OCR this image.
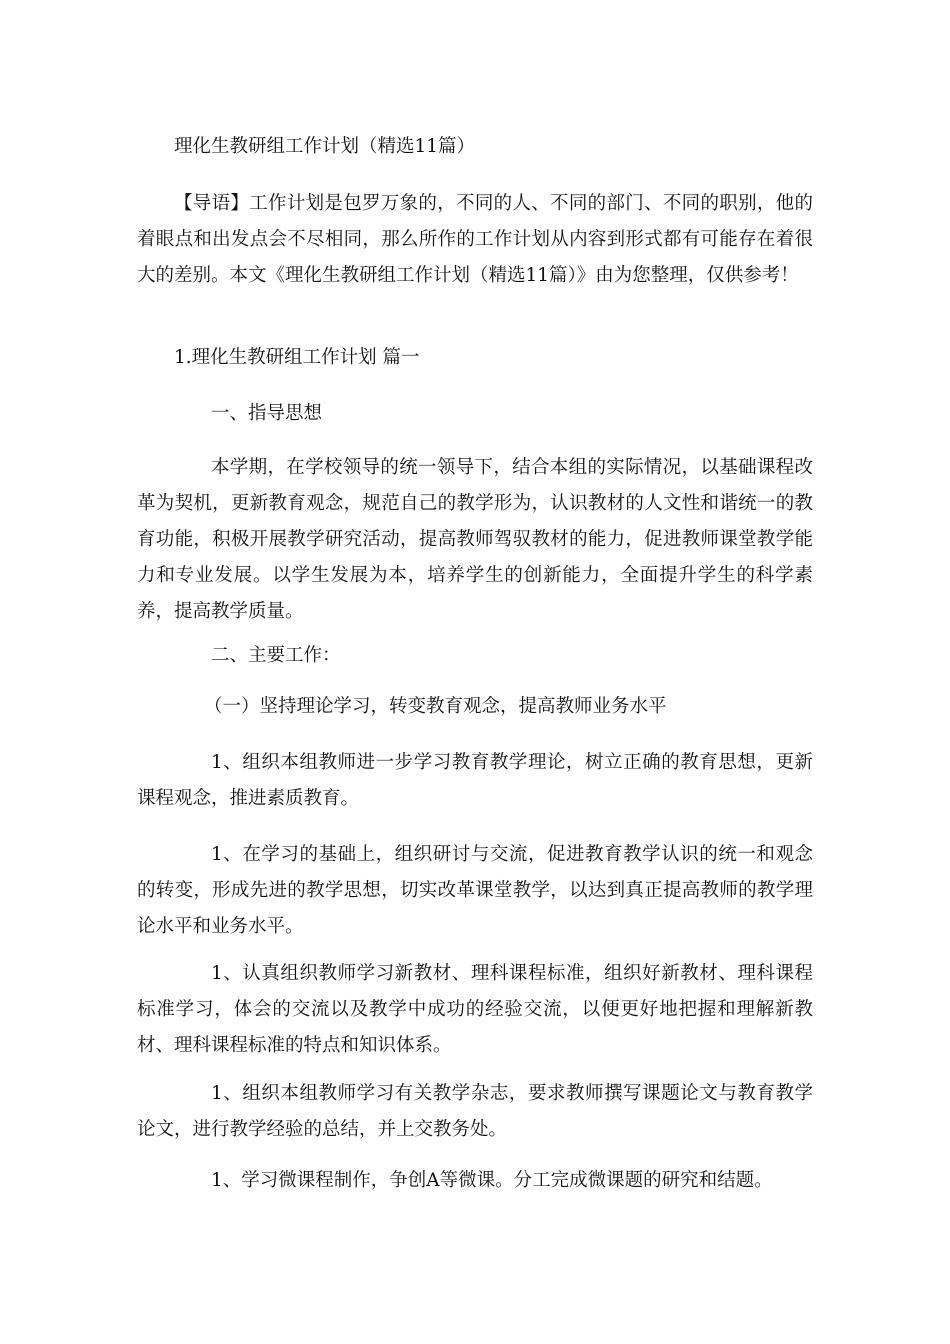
理化生教研组工作计划（精选11篇）

【导语】工作计划是包罗万象的，不同的人、不同的部门、不同的职别，他的着眼点和出发点会不尽相同，那么所作的工作计划从内容到形式都有可能存在着很大的差别。本文《理化生教研组工作计划（精选11篇）》由为您整理，仅供参考！

1.理化生教研组工作计划 篇一

一、指导思想

本学期，在学校领导的统一领导下，结合本组的实际情况，以基础课程改革为契机，更新教育观念，规范自己的教学形为，认识教材的人文性和谐统一的教育功能，积极开展教学研究活动，提高教师驾驭教材的能力，促进教师课堂教学能力和专业发展。以学生发展为本，培养学生的创新能力，全面提升学生的科学素养，提高教学质量。

二、主要工作：

（一）坚持理论学习，转变教育观念，提高教师业务水平

1、组织本组教师进一步学习教育教学理论，树立正确的教育思想，更新课程观念，推进素质教育。

1、在学习的基础上，组织研讨与交流，促进教育教学认识的统一和观念的转变，形成先进的教学思想，切实改革课堂教学，以达到真正提高教师的教学理论水平和业务水平。

1、认真组织教师学习新教材、理科课程标准，组织好新教材、理科课程标准学习，体会的交流以及教学中成功的经验交流，以便更好地把握和理解新教材、理科课程标准的特点和知识体系。

1、组织本组教师学习有关教学杂志，要求教师撰写课题论文与教育教学论文，进行教学经验的总结，并上交教务处。

1、学习微课程制作，争创A等微课。分工完成微课题的研究和结题。
